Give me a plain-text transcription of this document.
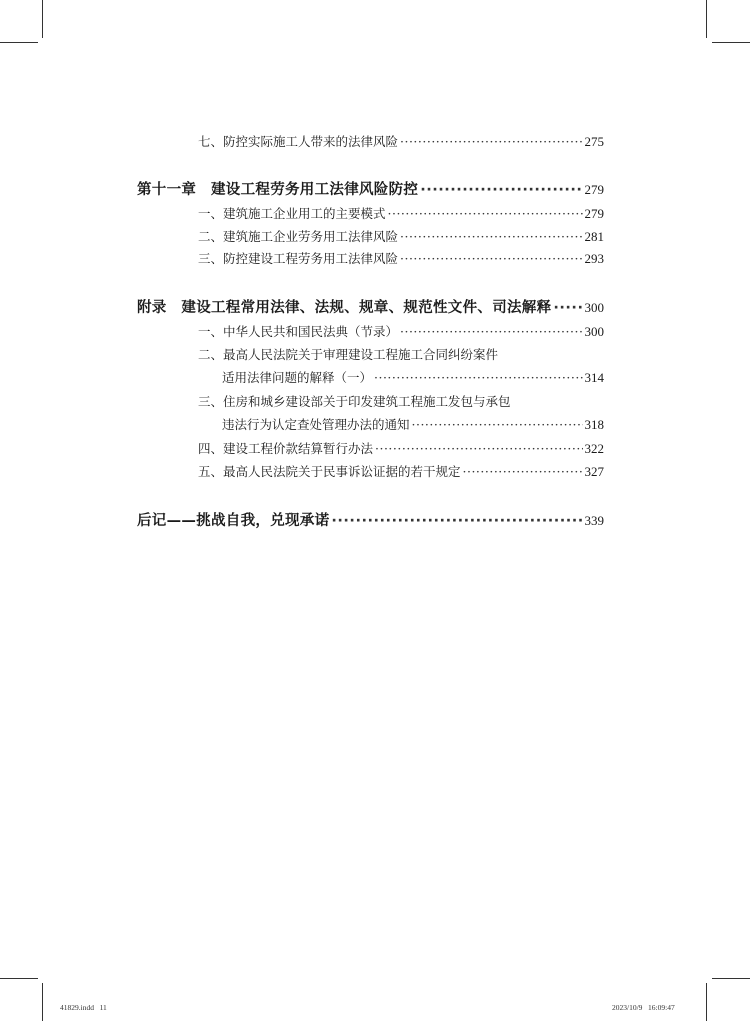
七、防控实际施工人带来的法律风险 ·····	275
第十一章　建设工程劳务用工法律风险防控 ·····	279
一、建筑施工企业用工的主要模式 ·····	279
二、建筑施工企业劳务用工法律风险 ·····	281
三、防控建设工程劳务用工法律风险 ·····	293
附录　建设工程常用法律、法规、规章、规范性文件、司法解释 ·····	300
一、中华人民共和国民法典（节录） ·····	300
二、最高人民法院关于审理建设工程施工合同纠纷案件
适用法律问题的解释（一） ·····	314
三、住房和城乡建设部关于印发建筑工程施工发包与承包
违法行为认定查处管理办法的通知 ·····	318
四、建设工程价款结算暂行办法 ·····	322
五、最高人民法院关于民事诉讼证据的若干规定 ·····	327
后记——挑战自我，兑现承诺 ·····	339
41829.indd   11	2023/10/9   16:09:47
